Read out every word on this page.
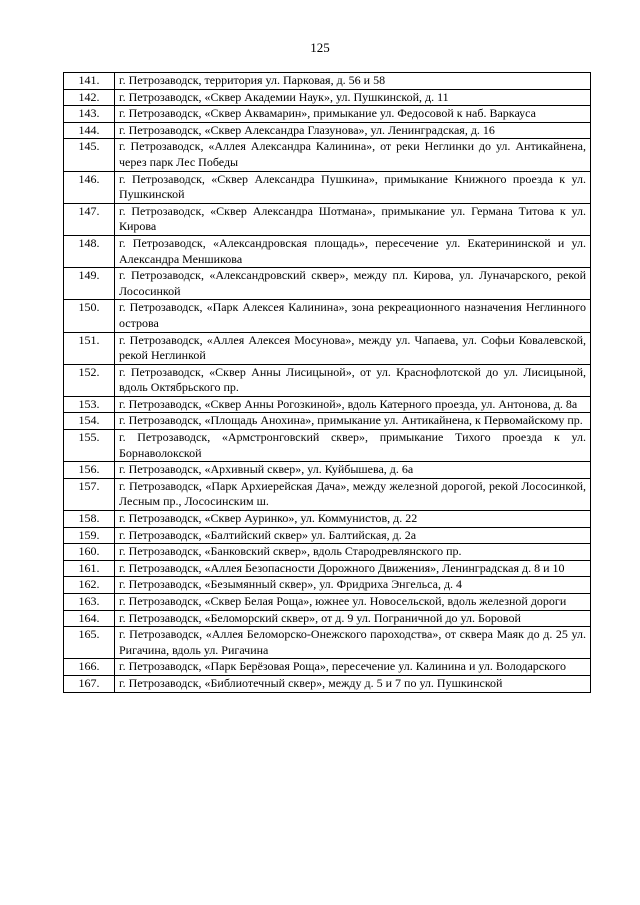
125
141.	г. Петрозаводск, территория ул. Парковая, д. 56 и 58
142.	г. Петрозаводск, «Сквер Академии Наук», ул. Пушкинской, д. 11
143.	г. Петрозаводск, «Сквер Аквамарин», примыкание ул. Федосовой к наб. Варкауса
144.	г. Петрозаводск, «Сквер Александра Глазунова», ул. Ленинградская, д. 16
145.	г. Петрозаводск, «Аллея Александра Калинина», от реки Неглинки до ул. Антикайнена, через парк Лес Победы
146.	г. Петрозаводск, «Сквер Александра Пушкина», примыкание Книжного проезда к ул. Пушкинской
147.	г. Петрозаводск, «Сквер Александра Шотмана», примыкание ул. Германа Титова к ул. Кирова
148.	г. Петрозаводск, «Александровская площадь», пересечение ул. Екатерининской и ул. Александра Меншикова
149.	г. Петрозаводск, «Александровский сквер», между пл. Кирова, ул. Луначарского, рекой Лососинкой
150.	г. Петрозаводск, «Парк Алексея Калинина», зона рекреационного назначения Неглинного острова
151.	г. Петрозаводск, «Аллея Алексея Мосунова», между ул. Чапаева, ул. Софьи Ковалевской, рекой Неглинкой
152.	г. Петрозаводск, «Сквер Анны Лисицыной», от ул. Краснофлотской до ул. Лисицыной, вдоль Октябрьского пр.
153.	г. Петрозаводск, «Сквер Анны Рогозкиной», вдоль Катерного проезда, ул. Антонова, д. 8а
154.	г. Петрозаводск, «Площадь Анохина», примыкание ул. Антикайнена, к Первомайскому пр.
155.	г. Петрозаводск, «Армстронговский сквер», примыкание Тихого проезда к ул. Борнаволокской
156.	г. Петрозаводск, «Архивный сквер», ул. Куйбышева, д. 6а
157.	г. Петрозаводск, «Парк Архиерейская Дача», между железной дорогой, рекой Лососинкой, Лесным пр., Лососинским ш.
158.	г. Петрозаводск, «Сквер Ауринко», ул. Коммунистов, д. 22
159.	г. Петрозаводск, «Балтийский сквер» ул. Балтийская, д. 2а
160.	г. Петрозаводск, «Банковский сквер», вдоль Стародревлянского пр.
161.	г. Петрозаводск, «Аллея Безопасности Дорожного Движения», Ленинградская д. 8 и 10
162.	г. Петрозаводск, «Безымянный сквер», ул. Фридриха Энгельса, д. 4
163.	г. Петрозаводск, «Сквер Белая Роща», южнее ул. Новосельской, вдоль железной дороги
164.	г. Петрозаводск, «Беломорский сквер», от д. 9 ул. Пограничной до ул. Боровой
165.	г. Петрозаводск, «Аллея Беломорско-Онежского пароходства», от сквера Маяк до д. 25 ул. Ригачина, вдоль ул. Ригачина
166.	г. Петрозаводск, «Парк Берёзовая Роща», пересечение ул. Калинина и ул. Володарского
167.	г. Петрозаводск, «Библиотечный сквер», между д. 5 и 7 по ул. Пушкинской
